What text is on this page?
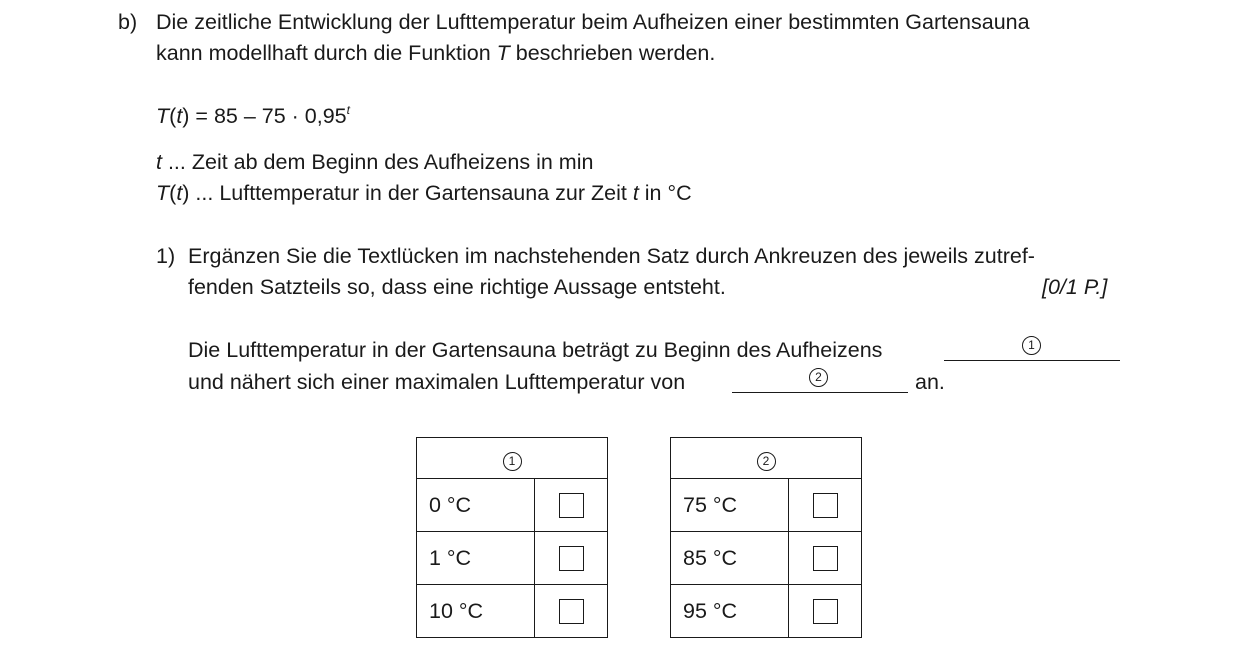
b) Die zeitliche Entwicklung der Lufttemperatur beim Aufheizen einer bestimmten Gartensauna
kann modellhaft durch die Funktion T beschrieben werden.
$T(t) = 85 - 75 \cdot 0,95^t$
t ... Zeit ab dem Beginn des Aufheizens in min
T(t) ... Lufttemperatur in der Gartensauna zur Zeit t in °C
1) Ergänzen Sie die Textlücken im nachstehenden Satz durch Ankreuzen des jeweils zutref-
fenden Satzteils so, dass eine richtige Aussage entsteht.	[0/1 P.]
Die Lufttemperatur in der Gartensauna beträgt zu Beginn des Aufheizens	1
und nähert sich einer maximalen Lufttemperatur von	2	an.
1	
0 °C	
1 °C	
10 °C	
2	
75 °C	
85 °C	
95 °C	
